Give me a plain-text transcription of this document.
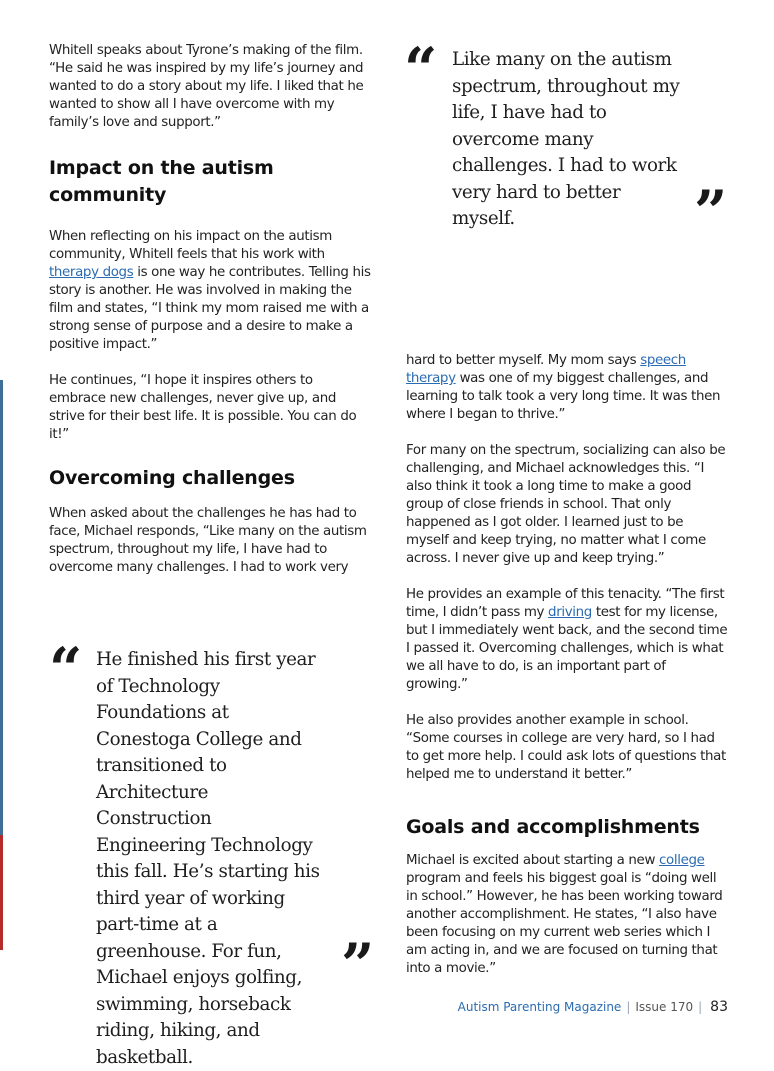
Whitell speaks about Tyrone’s making of the film. “He said he was inspired by my life’s journey and wanted to do a story about my life. I liked that he wanted to show all I have overcome with my family’s love and support.”

Impact on the autism community

When reflecting on his impact on the autism community, Whitell feels that his work with therapy dogs is one way he contributes. Telling his story is another. He was involved in making the film and states, “I think my mom raised me with a strong sense of purpose and a desire to make a positive impact.”

He continues, “I hope it inspires others to embrace new challenges, never give up, and strive for their best life. It is possible. You can do it!”

Overcoming challenges

When asked about the challenges he has had to face, Michael responds, “Like many on the autism spectrum, throughout my life, I have had to overcome many challenges. I had to work very

“ He finished his first year of Technology Foundations at Conestoga College and transitioned to Architecture Construction Engineering Technology this fall. He’s starting his third year of working part-time at a greenhouse. For fun, Michael enjoys golfing, swimming, horseback riding, hiking, and basketball.
”
“ Like many on the autism spectrum, throughout my life, I have had to overcome many challenges. I had to work very hard to better myself.	”

hard to better myself. My mom says speech therapy was one of my biggest challenges, and learning to talk took a very long time. It was then where I began to thrive.”

For many on the spectrum, socializing can also be challenging, and Michael acknowledges this. “I also think it took a long time to make a good group of close friends in school. That only happened as I got older. I learned just to be myself and keep trying, no matter what I come across. I never give up and keep trying.”

He provides an example of this tenacity. “The first time, I didn’t pass my driving test for my license, but I immediately went back, and the second time I passed it. Overcoming challenges, which is what we all have to do, is an important part of growing.”

He also provides another example in school. “Some courses in college are very hard, so I had to get more help. I could ask lots of questions that helped me to understand it better.”

Goals and accomplishments

Michael is excited about starting a new college program and feels his biggest goal is “doing well in school.” However, he has been working toward another accomplishment. He states, “I also have been focusing on my current web series which I am acting in, and we are focused on turning that into a movie.”

Autism Parenting Magazine | Issue 170 | 83
